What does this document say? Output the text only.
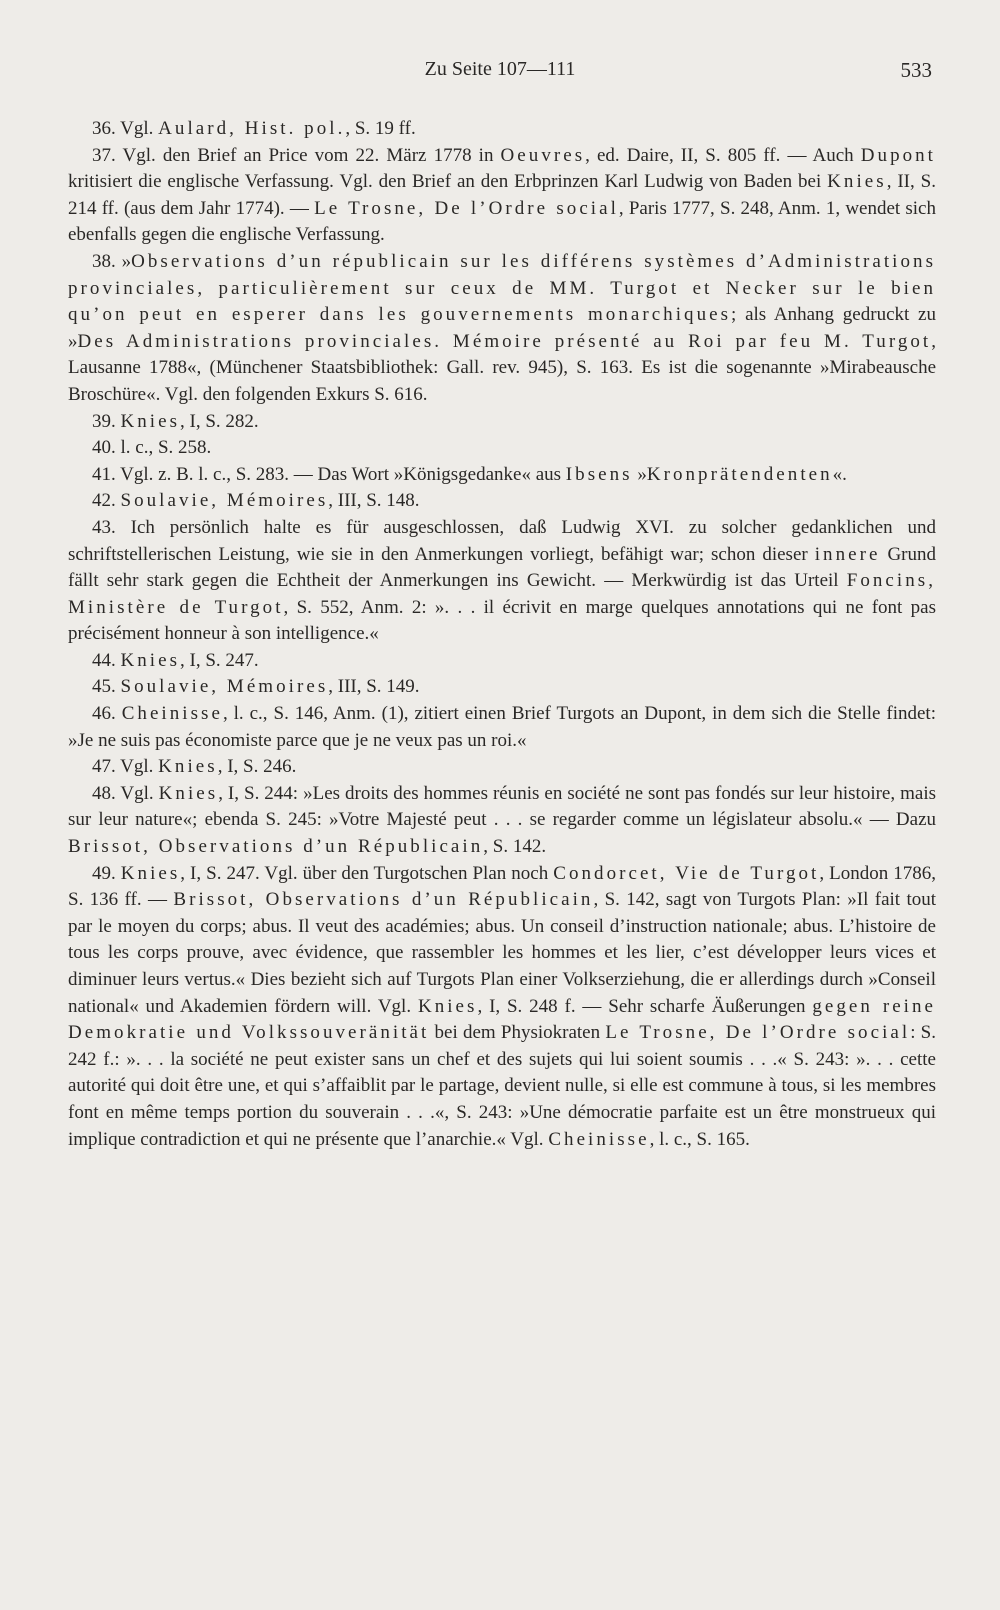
Zu Seite 107—111	533

36. Vgl. Aulard, Hist. pol., S. 19 ff.

37. Vgl. den Brief an Price vom 22. März 1778 in Oeuvres, ed. Daire, II, S. 805 ff. — Auch Dupont kritisiert die englische Verfassung. Vgl. den Brief an den Erbprinzen Karl Ludwig von Baden bei Knies, II, S. 214 ff. (aus dem Jahr 1774). — Le Trosne, De l’Ordre social, Paris 1777, S. 248, Anm. 1, wendet sich ebenfalls gegen die englische Verfassung.

38. »Observations d’un républicain sur les différens systèmes d’Administrations provinciales, particulièrement sur ceux de MM. Turgot et Necker sur le bien qu’on peut en esperer dans les gouvernements monarchiques; als Anhang gedruckt zu »Des Administrations provinciales. Mémoire présenté au Roi par feu M. Turgot, Lausanne 1788«, (Münchener Staatsbibliothek: Gall. rev. 945), S. 163. Es ist die sogenannte »Mirabeausche Broschüre«. Vgl. den folgenden Exkurs S. 616.

39. Knies, I, S. 282.

40. l. c., S. 258.

41. Vgl. z. B. l. c., S. 283. — Das Wort »Königsgedanke« aus Ibsens »Kronprätendenten«.

42. Soulavie, Mémoires, III, S. 148.

43. Ich persönlich halte es für ausgeschlossen, daß Ludwig XVI. zu solcher gedanklichen und schriftstellerischen Leistung, wie sie in den Anmerkungen vorliegt, befähigt war; schon dieser innere Grund fällt sehr stark gegen die Echtheit der Anmerkungen ins Gewicht. — Merkwürdig ist das Urteil Foncins, Ministère de Turgot, S. 552, Anm. 2: ». . . il écrivit en marge quelques annotations qui ne font pas précisément honneur à son intelligence.«

44. Knies, I, S. 247.

45. Soulavie, Mémoires, III, S. 149.

46. Cheinisse, l. c., S. 146, Anm. (1), zitiert einen Brief Turgots an Dupont, in dem sich die Stelle findet: »Je ne suis pas économiste parce que je ne veux pas un roi.«

47. Vgl. Knies, I, S. 246.

48. Vgl. Knies, I, S. 244: »Les droits des hommes réunis en société ne sont pas fondés sur leur histoire, mais sur leur nature«; ebenda S. 245: »Votre Majesté peut . . . se regarder comme un législateur absolu.« — Dazu Brissot, Observations d’un Républicain, S. 142.

49. Knies, I, S. 247. Vgl. über den Turgotschen Plan noch Condorcet, Vie de Turgot, London 1786, S. 136 ff. — Brissot, Observations d’un Républicain, S. 142, sagt von Turgots Plan: »Il fait tout par le moyen du corps; abus. Il veut des académies; abus. Un conseil d’instruction nationale; abus. L’histoire de tous les corps prouve, avec évidence, que rassembler les hommes et les lier, c’est développer leurs vices et diminuer leurs vertus.« Dies bezieht sich auf Turgots Plan einer Volkserziehung, die er allerdings durch »Conseil national« und Akademien fördern will. Vgl. Knies, I, S. 248 f. — Sehr scharfe Äußerungen gegen reine Demokratie und Volkssouveränität bei dem Physiokraten Le Trosne, De l’Ordre social: S. 242 f.: ». . . la société ne peut exister sans un chef et des sujets qui lui soient soumis . . .« S. 243: ». . . cette autorité qui doit être une, et qui s’affaiblit par le partage, devient nulle, si elle est commune à tous, si les membres font en même temps portion du souverain . . .«, S. 243: »Une démocratie parfaite est un être monstrueux qui implique contradiction et qui ne présente que l’anarchie.« Vgl. Cheinisse, l. c., S. 165.
